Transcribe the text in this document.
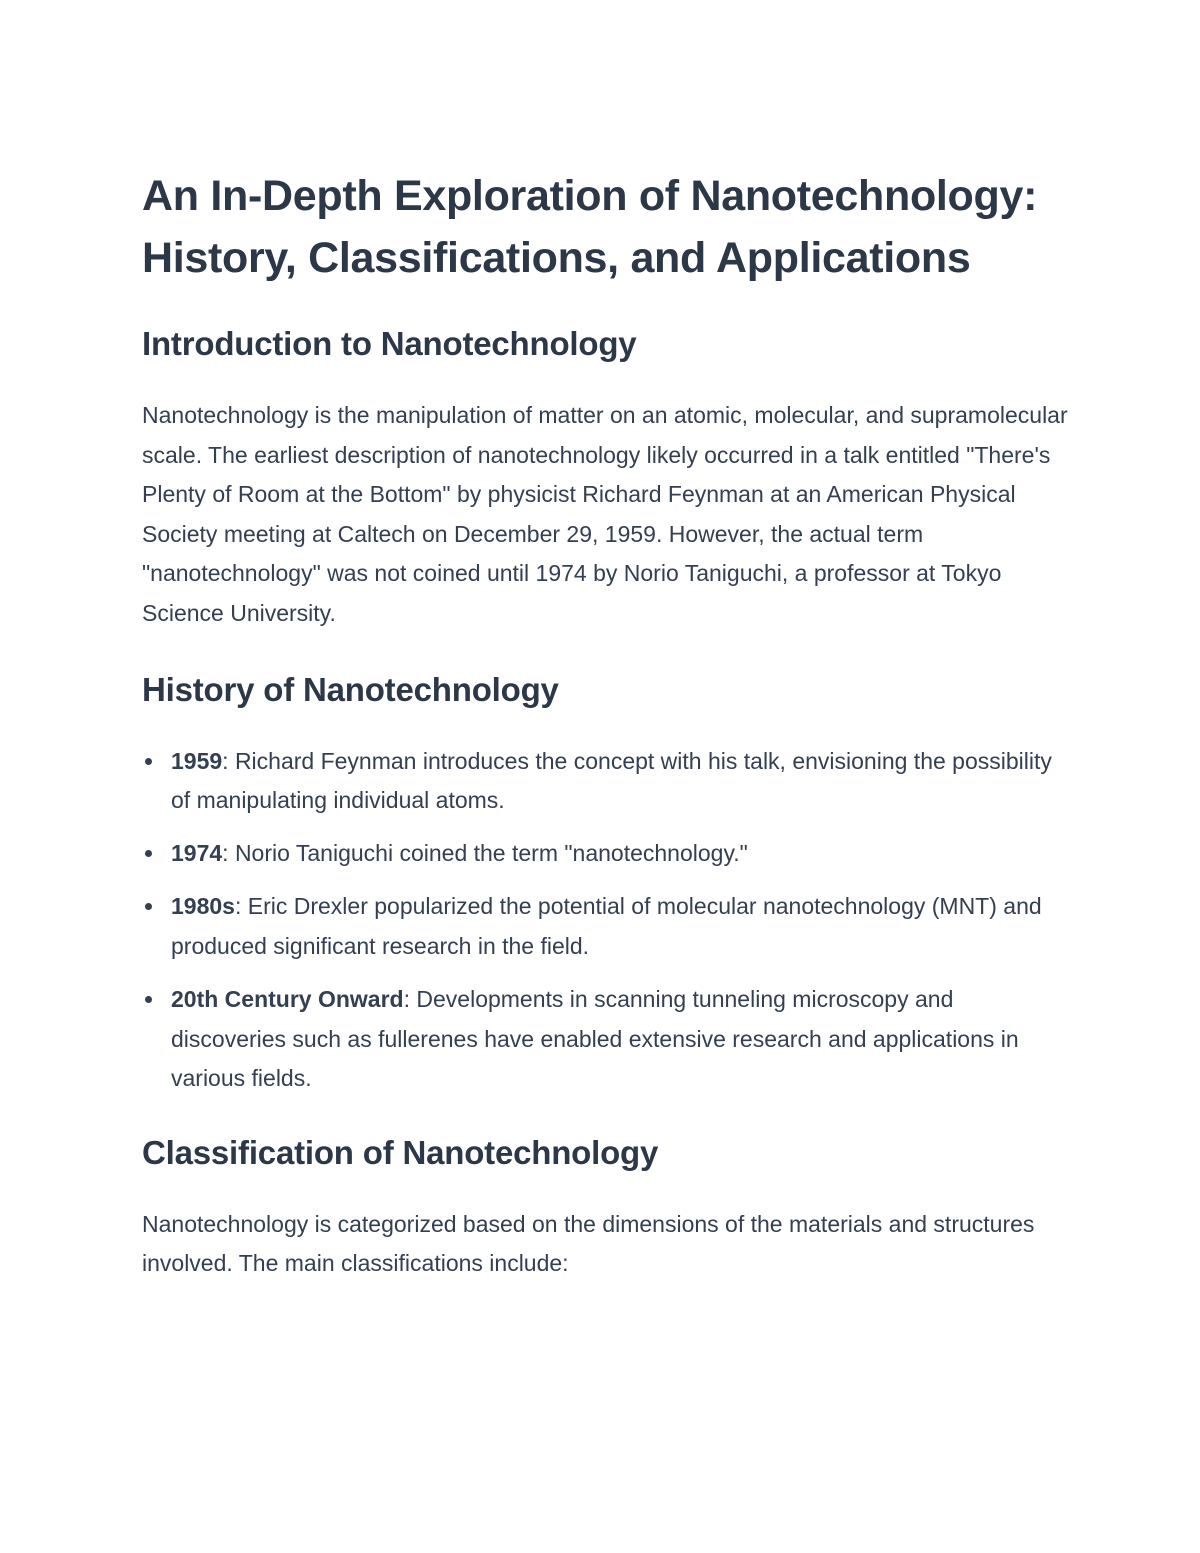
An In-Depth Exploration of Nanotechnology: History, Classifications, and Applications
Introduction to Nanotechnology

Nanotechnology is the manipulation of matter on an atomic, molecular, and supramolecular scale. The earliest description of nanotechnology likely occurred in a talk entitled "There's Plenty of Room at the Bottom" by physicist Richard Feynman at an American Physical Society meeting at Caltech on December 29, 1959. However, the actual term "nanotechnology" was not coined until 1974 by Norio Taniguchi, a professor at Tokyo Science University.

History of Nanotechnology
1959: Richard Feynman introduces the concept with his talk, envisioning the possibility of manipulating individual atoms.
1974: Norio Taniguchi coined the term "nanotechnology."
1980s: Eric Drexler popularized the potential of molecular nanotechnology (MNT) and produced significant research in the field.
20th Century Onward: Developments in scanning tunneling microscopy and discoveries such as fullerenes have enabled extensive research and applications in various fields.
Classification of Nanotechnology

Nanotechnology is categorized based on the dimensions of the materials and structures involved. The main classifications include:
